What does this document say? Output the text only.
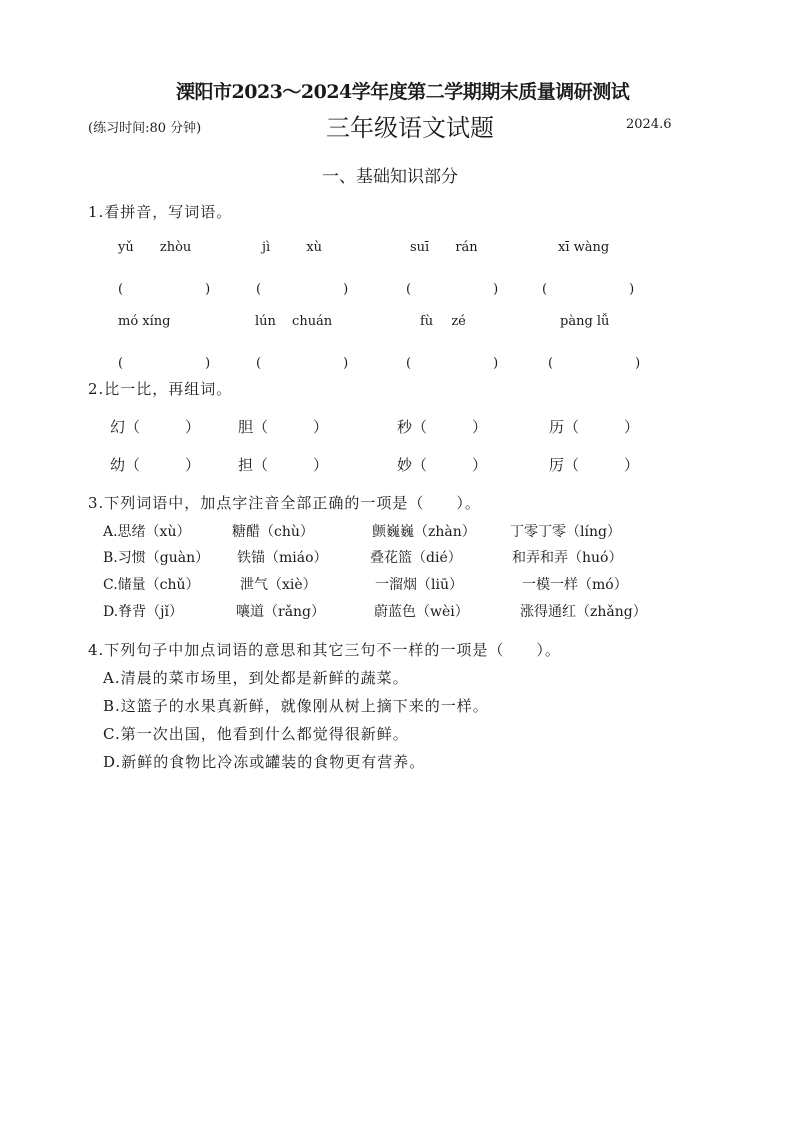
溧阳市2023～2024学年度第二学期期末质量调研测试
(练习时间:80 分钟)	三年级语文试题	2024.6
一、基础知识部分
1.看拼音，写词语。
yǔ zhòu	jì xù	suī rán	xī wàng
(　　　　)	(　　　　)	(　　　　)	(　　　　)
mó xíng	lún chuán	fù zé	pàng lǚ
(　　　　)	(　　　　)	(　　　　)	(　　　　)
2.比一比，再组词。
幻（　　　）	胆（　　　）	秒（　　　）	历（　　　）
幼（　　　）	担（　　　）	妙（　　　）	厉（　　　）
3.下列词语中，加点字注音全部正确的一项是（　　）。
A.思绪（xù）	糖醋（chù）	颤巍巍（zhàn） 丁零丁零（líng）
B.习惯（guàn） 铁锚（miáo）	叠花篮（dié）	和弄和弄（huó）
C.储量（chǔ）	泄气（xiè）	一溜烟（liū）	一模一样（mó）
D.脊背（jǐ）	嚷道（rǎng）	蔚蓝色（wèi）	涨得通红（zhǎng）
4.下列句子中加点词语的意思和其它三句不一样的一项是（　　）。
A.清晨的菜市场里，到处都是新鲜的蔬菜。
B.这篮子的水果真新鲜，就像刚从树上摘下来的一样。
C.第一次出国，他看到什么都觉得很新鲜。
D.新鲜的食物比冷冻或罐装的食物更有营养。
